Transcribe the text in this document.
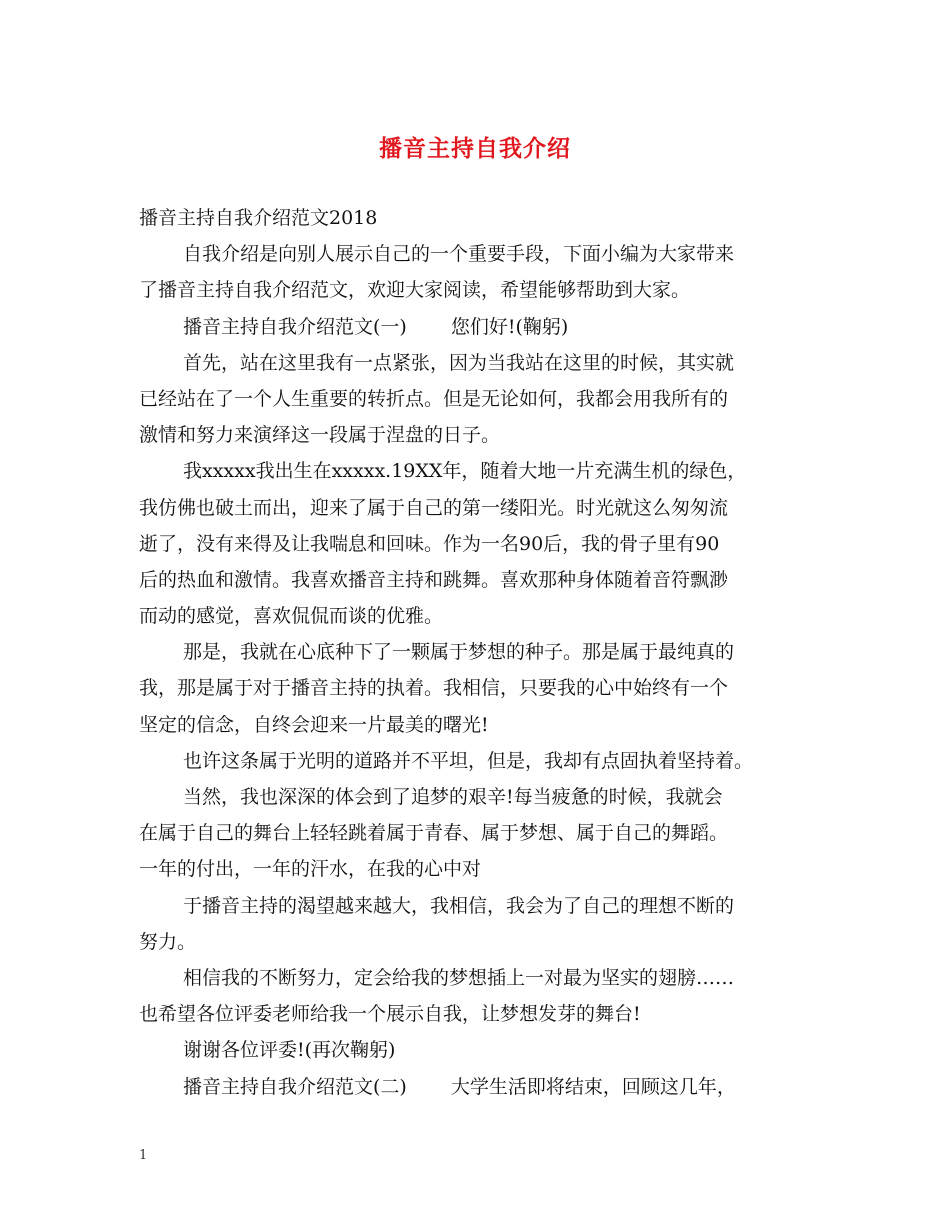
播音主持自我介绍
播音主持自我介绍范文2018
自我介绍是向别人展示自己的一个重要手段，下面小编为大家带来
了播音主持自我介绍范文，欢迎大家阅读，希望能够帮助到大家。
播音主持自我介绍范文(一)　　 您们好!(鞠躬)
首先，站在这里我有一点紧张，因为当我站在这里的时候，其实就
已经站在了一个人生重要的转折点。但是无论如何，我都会用我所有的
激情和努力来演绎这一段属于涅盘的日子。
我xxxxx我出生在xxxxx.19XX年，随着大地一片充满生机的绿色，
我仿佛也破土而出，迎来了属于自己的第一缕阳光。时光就这么匆匆流
逝了，没有来得及让我喘息和回味。作为一名90后，我的骨子里有90
后的热血和激情。我喜欢播音主持和跳舞。喜欢那种身体随着音符飘渺
而动的感觉，喜欢侃侃而谈的优雅。
那是，我就在心底种下了一颗属于梦想的种子。那是属于最纯真的
我，那是属于对于播音主持的执着。我相信，只要我的心中始终有一个
坚定的信念，自终会迎来一片最美的曙光!
也许这条属于光明的道路并不平坦，但是，我却有点固执着坚持着。
当然，我也深深的体会到了追梦的艰辛!每当疲惫的时候，我就会
在属于自己的舞台上轻轻跳着属于青春、属于梦想、属于自己的舞蹈。
一年的付出，一年的汗水，在我的心中对
于播音主持的渴望越来越大，我相信，我会为了自己的理想不断的
努力。
相信我的不断努力，定会给我的梦想插上一对最为坚实的翅膀……
也希望各位评委老师给我一个展示自我，让梦想发芽的舞台!
谢谢各位评委!(再次鞠躬)
播音主持自我介绍范文(二)　　 大学生活即将结束，回顾这几年，
1
